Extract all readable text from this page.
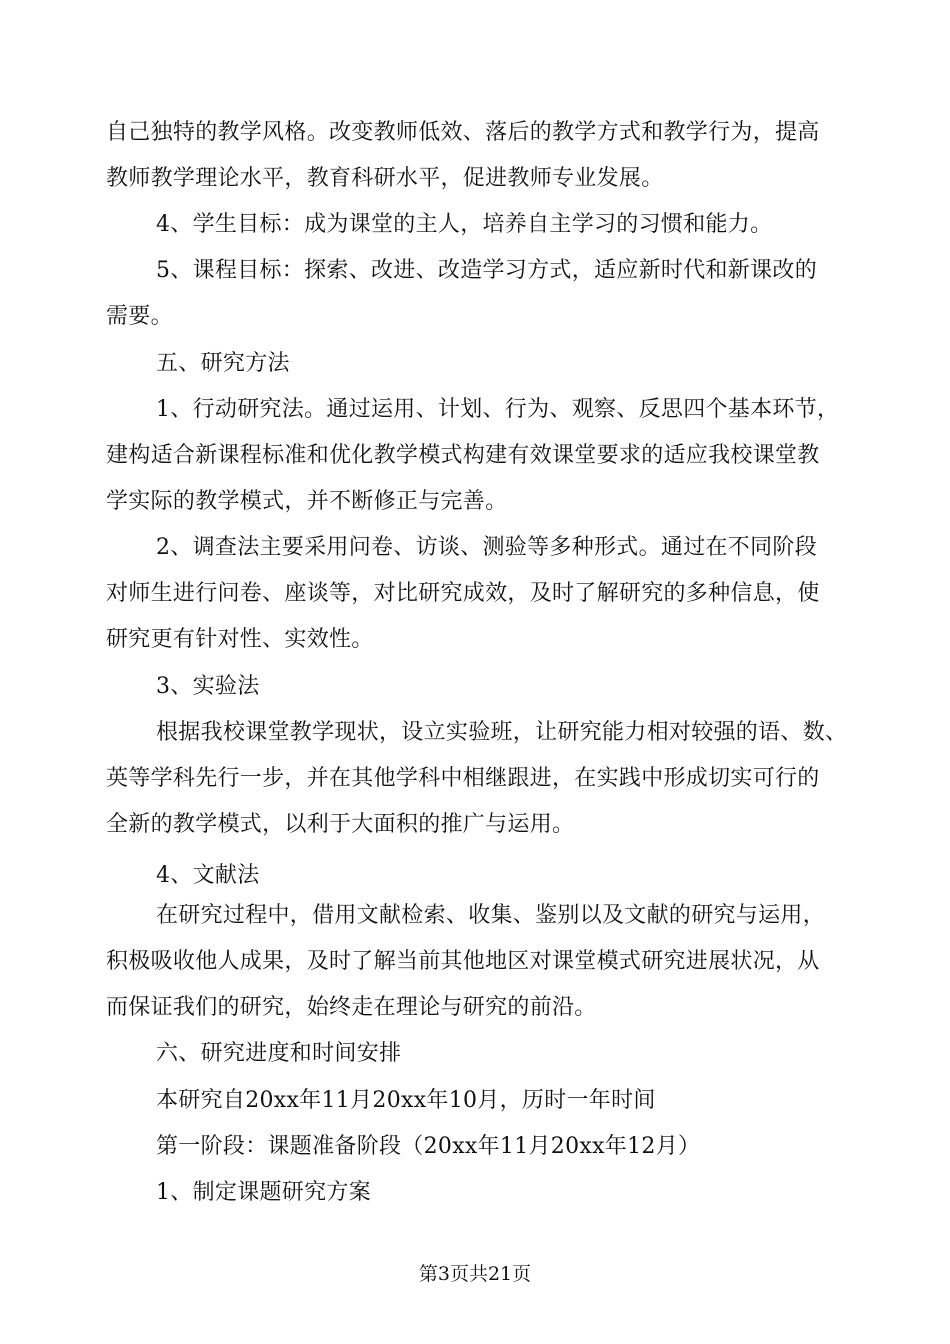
自己独特的教学风格。改变教师低效、落后的教学方式和教学行为，提高
教师教学理论水平，教育科研水平，促进教师专业发展。
4、学生目标：成为课堂的主人，培养自主学习的习惯和能力。
5、课程目标：探索、改进、改造学习方式，适应新时代和新课改的
需要。
五、研究方法
1、行动研究法。通过运用、计划、行为、观察、反思四个基本环节，
建构适合新课程标准和优化教学模式构建有效课堂要求的适应我校课堂教
学实际的教学模式，并不断修正与完善。
2、调查法主要采用问卷、访谈、测验等多种形式。通过在不同阶段
对师生进行问卷、座谈等，对比研究成效，及时了解研究的多种信息，使
研究更有针对性、实效性。
3、实验法
根据我校课堂教学现状，设立实验班，让研究能力相对较强的语、数、
英等学科先行一步，并在其他学科中相继跟进，在实践中形成切实可行的
全新的教学模式，以利于大面积的推广与运用。
4、文献法
在研究过程中，借用文献检索、收集、鉴别以及文献的研究与运用，
积极吸收他人成果，及时了解当前其他地区对课堂模式研究进展状况，从
而保证我们的研究，始终走在理论与研究的前沿。
六、研究进度和时间安排
本研究自20xx年11月20xx年10月，历时一年时间
第一阶段：课题准备阶段（20xx年11月20xx年12月）
1、制定课题研究方案
第3页共21页
